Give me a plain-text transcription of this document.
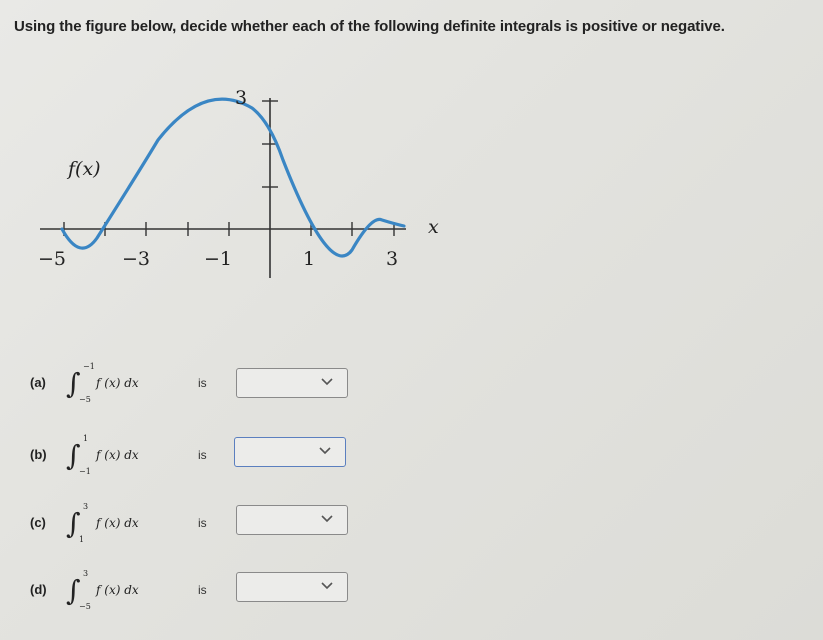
Using the figure below, decide whether each of the following definite integrals is positive or negative.
3
f(x)
x
−5	−3	−1	1	3
(a) ∫
−1
−5
f (x) dx	is
(b) ∫
1
−1
f (x) dx	is
(c) ∫
3
1
f (x) dx	is
(d) ∫
3
−5
f (x) dx	is
